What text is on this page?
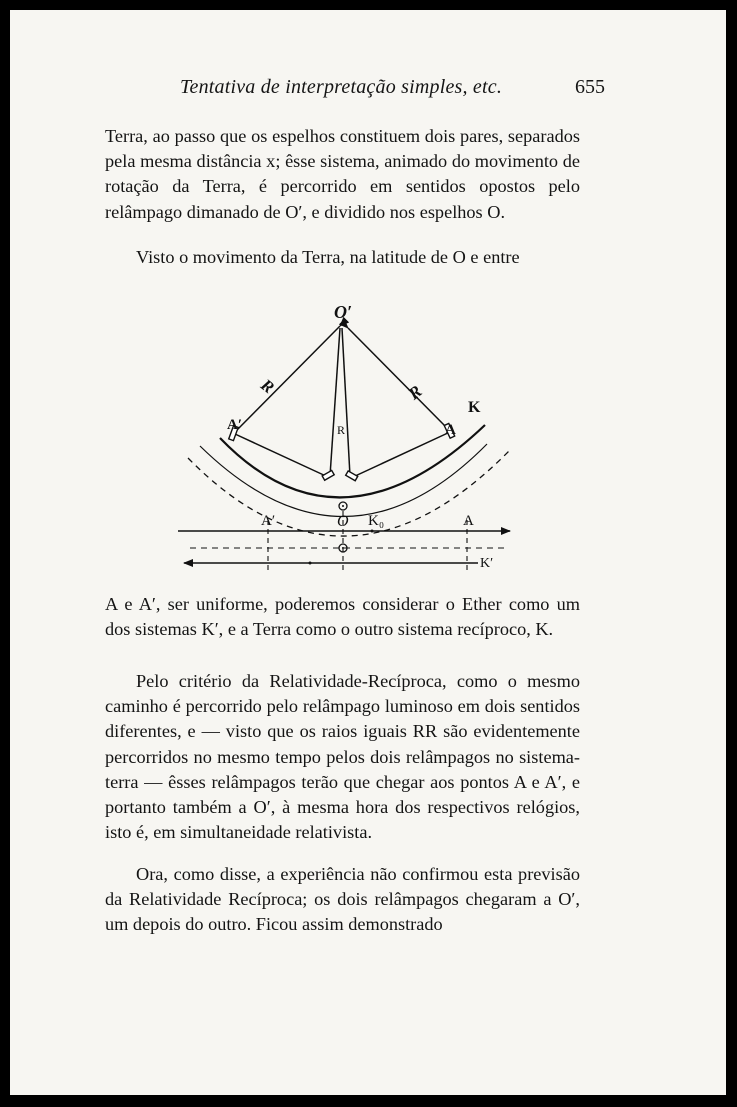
Tentativa de interpretação simples, etc.	655

Terra, ao passo que os espelhos constituem dois pares, separados pela mesma distância x; êsse sistema, animado do movimento de rotação da Terra, é percorrido em sentidos opostos pelo relâmpago dimanado de O′, e dividido nos espelhos O.

Visto o movimento da Terra, na latitude de O e entre

O′
R
R
R
A′	A
K
A′	O K₀	A
K′

A e A′, ser uniforme, poderemos considerar o Ether como um dos sistemas K′, e a Terra como o outro sistema recíproco, K.

Pelo critério da Relatividade-Recíproca, como o mesmo caminho é percorrido pelo relâmpago luminoso em dois sentidos diferentes, e — visto que os raios iguais RR são evidentemente percorridos no mesmo tempo pelos dois relâmpagos no sistema-terra — êsses relâmpagos terão que chegar aos pontos A e A′, e portanto também a O′, à mesma hora dos respectivos relógios, isto é, em simultaneidade relativista.

Ora, como disse, a experiência não confirmou esta previsão da Relatividade Recíproca; os dois relâmpagos chegaram a O′, um depois do outro. Ficou assim demonstrado
